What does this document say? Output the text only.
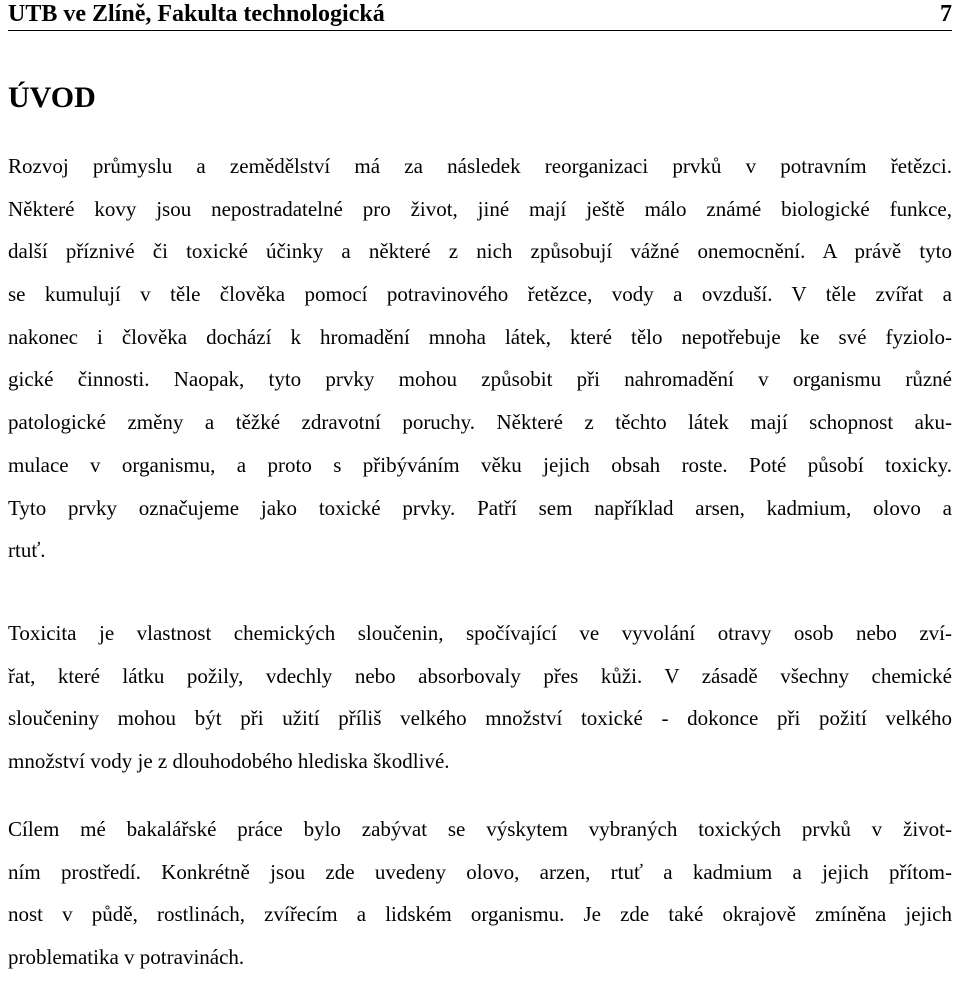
UTB ve Zlíně, Fakulta technologická	7
ÚVOD

Rozvoj průmyslu a zemědělství má za následek reorganizaci prvků v potravním řetězci.
Některé kovy jsou nepostradatelné pro život, jiné mají ještě málo známé biologické funkce,
další příznivé či toxické účinky a některé z nich způsobují vážné onemocnění. A právě tyto
se kumulují v těle člověka pomocí potravinového řetězce, vody a ovzduší. V těle zvířat a
nakonec i člověka dochází k hromadění mnoha látek, které tělo nepotřebuje ke své fyziolo-
gické činnosti. Naopak, tyto prvky mohou způsobit při nahromadění v organismu různé
patologické změny a těžké zdravotní poruchy. Některé z těchto látek mají schopnost aku-
mulace v organismu, a proto s přibýváním věku jejich obsah roste. Poté působí toxicky.
Tyto prvky označujeme jako toxické prvky. Patří sem například arsen, kadmium, olovo a
rtuť.

Toxicita je vlastnost chemických sloučenin, spočívající ve vyvolání otravy osob nebo zví-
řat, které látku požily, vdechly nebo absorbovaly přes kůži. V zásadě všechny chemické
sloučeniny mohou být při užití příliš velkého množství toxické - dokonce při požití velkého
množství vody je z dlouhodobého hlediska škodlivé.

Cílem mé bakalářské práce bylo zabývat se výskytem vybraných toxických prvků v život-
ním prostředí. Konkrétně jsou zde uvedeny olovo, arzen, rtuť a kadmium a jejich přítom-
nost v půdě, rostlinách, zvířecím a lidském organismu. Je zde také okrajově zmíněna jejich
problematika v potravinách.
